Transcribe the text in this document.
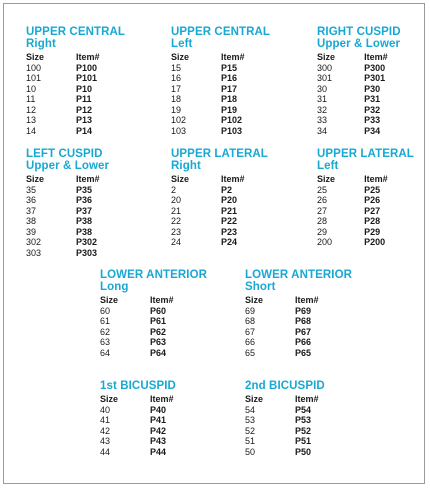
UPPER CENTRAL
Right
Size	Item#
100	P100
101	P101
10	P10
11	P11
12	P12
13	P13
14	P14
UPPER CENTRAL
Left
Size	Item#
15	P15
16	P16
17	P17
18	P18
19	P19
102	P102
103	P103
RIGHT CUSPID
Upper & Lower
Size	Item#
300	P300
301	P301
30	P30
31	P31
32	P32
33	P33
34	P34
LEFT CUSPID
Upper & Lower
Size	Item#
35	P35
36	P36
37	P37
38	P38
39	P38
302	P302
303	P303
UPPER LATERAL
Right
Size	Item#
2	P2
20	P20
21	P21
22	P22
23	P23
24	P24
UPPER LATERAL
Left
Size	Item#
25	P25
26	P26
27	P27
28	P28
29	P29
200	P200
LOWER ANTERIOR
Long
Size	Item#
60	P60
61	P61
62	P62
63	P63
64	P64
LOWER ANTERIOR
Short
Size	Item#
69	P69
68	P68
67	P67
66	P66
65	P65
1st BICUSPID
Size	Item#
40	P40
41	P41
42	P42
43	P43
44	P44
2nd BICUSPID
Size	Item#
54	P54
53	P53
52	P52
51	P51
50	P50
